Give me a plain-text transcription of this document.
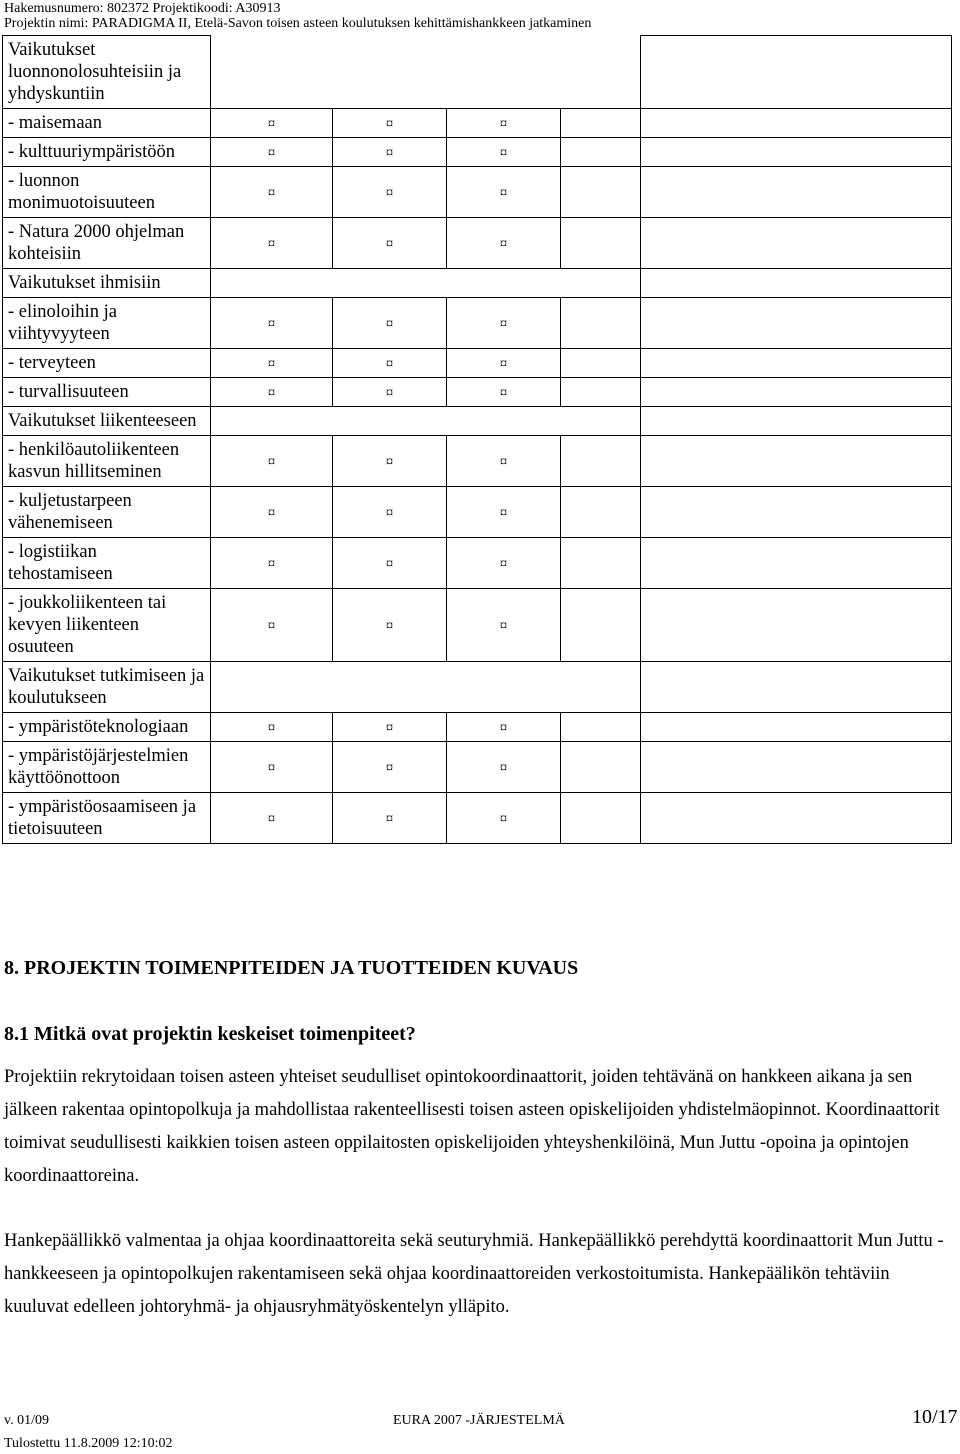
Hakemusnumero: 802372 Projektikoodi: A30913
Projektin nimi: PARADIGMA II, Etelä-Savon toisen asteen koulutuksen kehittämishankkeen jatkaminen
Vaikutukset luonnonolosuhteisiin ja yhdyskuntiin					
- maisemaan	¤	¤	¤		
- kulttuuriympäristöön	¤	¤	¤		
- luonnon monimuotoisuuteen	¤	¤	¤		
- Natura 2000 ohjelman kohteisiin	¤	¤	¤		
Vaikutukset ihmisiin					
- elinoloihin ja viihtyvyyteen	¤	¤	¤		
- terveyteen	¤	¤	¤		
- turvallisuuteen	¤	¤	¤		
Vaikutukset liikenteeseen					
- henkilöautoliikenteen kasvun hillitseminen	¤	¤	¤		
- kuljetustarpeen vähenemiseen	¤	¤	¤		
- logistiikan tehostamiseen	¤	¤	¤		
- joukkoliikenteen tai kevyen liikenteen osuuteen	¤	¤	¤		
Vaikutukset tutkimiseen ja koulutukseen					
- ympäristöteknologiaan	¤	¤	¤		
- ympäristöjärjestelmien käyttöönottoon	¤	¤	¤		
- ympäristöosaamiseen ja tietoisuuteen	¤	¤	¤		
8. PROJEKTIN TOIMENPITEIDEN JA TUOTTEIDEN KUVAUS
8.1 Mitkä ovat projektin keskeiset toimenpiteet?

Projektiin rekrytoidaan toisen asteen yhteiset seudulliset opintokoordinaattorit, joiden tehtävänä on hankkeen aikana ja sen jälkeen rakentaa opintopolkuja ja mahdollistaa rakenteellisesti toisen asteen opiskelijoiden yhdistelmäopinnot. Koordinaattorit toimivat seudullisesti kaikkien toisen asteen oppilaitosten opiskelijoiden yhteyshenkilöinä, Mun Juttu -opoina ja opintojen koordinaattoreina.

Hankepäällikkö valmentaa ja ohjaa koordinaattoreita sekä seuturyhmiä. Hankepäällikkö perehdyttä koordinaattorit Mun Juttu -hankkeeseen ja opintopolkujen rakentamiseen sekä ohjaa koordinaattoreiden verkostoitumista. Hankepäälikön tehtäviin kuuluvat edelleen johtoryhmä- ja ohjausryhmätyöskentelyn ylläpito.

v. 01/09	EURA 2007 -JÄRJESTELMÄ	10/17
Tulostettu 11.8.2009 12:10:02
